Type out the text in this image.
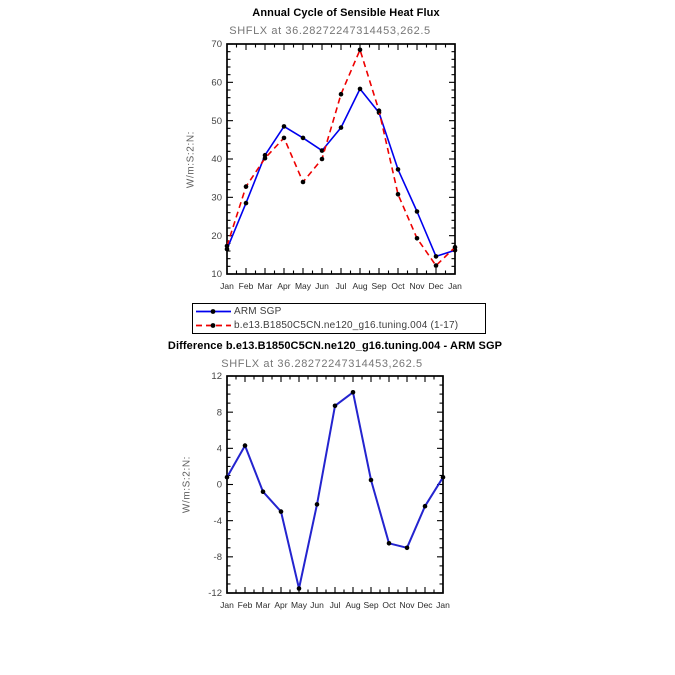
10
20
30
40
50
60
70
Jan Feb Mar Apr May Jun Jul Aug Sep Oct Nov Dec Jan
-12
-8
-4
0
4
8
12
Jan Feb Mar Apr May Jun Jul Aug Sep Oct Nov Dec Jan
Annual Cycle of Sensible Heat Flux
SHFLX at 36.28272247314453,262.5
W/m:S:2:N:
ARM SGP
b.e13.B1850C5CN.ne120_g16.tuning.004 (1-17)
Difference b.e13.B1850C5CN.ne120_g16.tuning.004 - ARM SGP
SHFLX at 36.28272247314453,262.5
W/m:S:2:N:
